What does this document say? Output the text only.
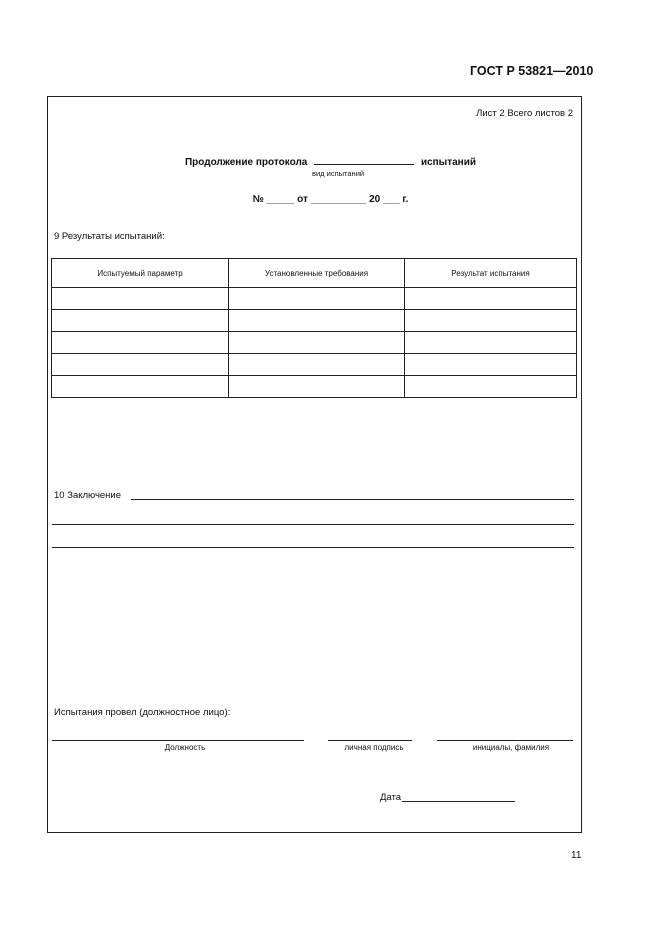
ГОСТ Р 53821—2010
Лист 2 Всего листов 2
Продолжение протокола	испытаний
вид испытаний
№ _____ от __________ 20 ___ г.
9 Результаты испытаний:
Испытуемый параметр	Установленные требования	Результат испытания

10 Заключение
Испытания провел (должностное лицо):
Должность	личная подпись	инициалы, фамилия
Дата
11
